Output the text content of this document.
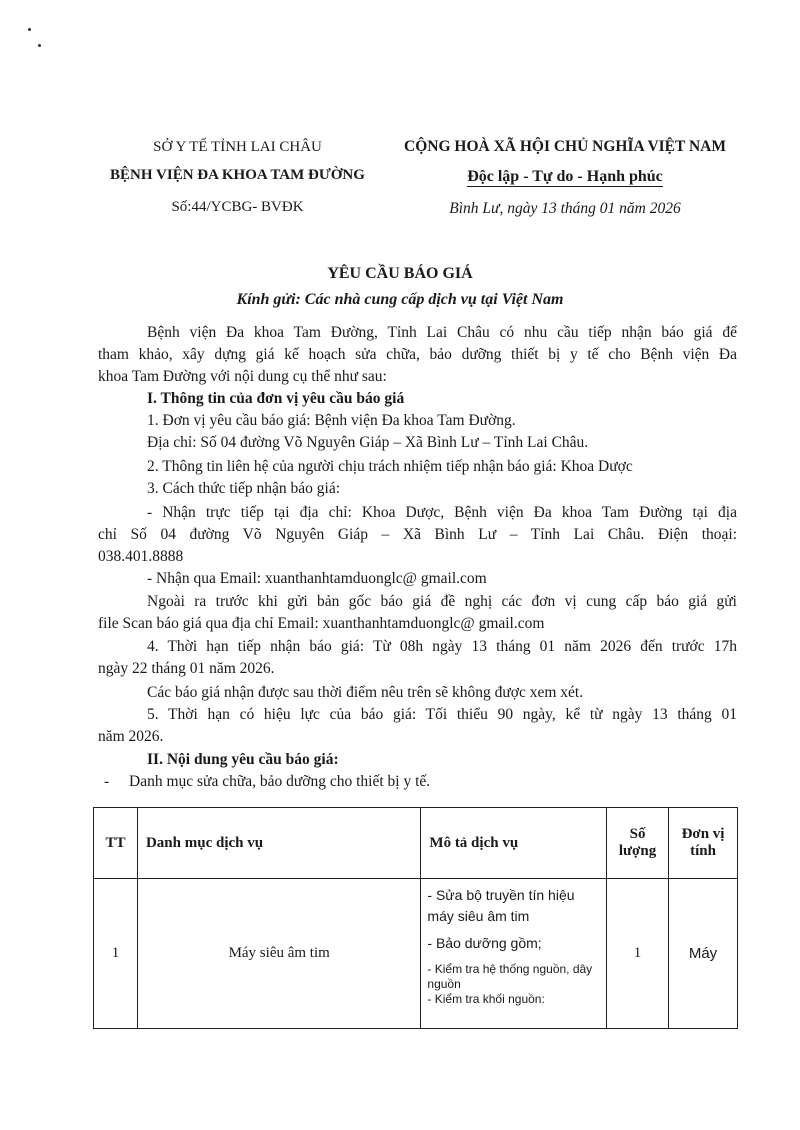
SỞ Y TẾ TỈNH LAI CHÂU
BỆNH VIỆN ĐA KHOA TAM ĐƯỜNG
Số:44/YCBG- BVĐK
CỘNG HOÀ XÃ HỘI CHỦ NGHĨA VIỆT NAM
Độc lập - Tự do - Hạnh phúc
Bình Lư, ngày 13 tháng 01 năm 2026
YÊU CẦU BÁO GIÁ
Kính gửi: Các nhà cung cấp dịch vụ tại Việt Nam
Bệnh viện Đa khoa Tam Đường, Tỉnh Lai Châu có nhu cầu tiếp nhận báo giá để
tham khảo, xây dựng giá kế hoạch sửa chữa, bảo dưỡng thiết bị y tế cho Bệnh viện Đa
khoa Tam Đường với nội dung cụ thể như sau:
I. Thông tin của đơn vị yêu cầu báo giá
1. Đơn vị yêu cầu báo giá: Bệnh viện Đa khoa Tam Đường.
Địa chỉ: Số 04 đường Võ Nguyên Giáp – Xã Bình Lư – Tỉnh Lai Châu.
2. Thông tin liên hệ của người chịu trách nhiệm tiếp nhận báo giá: Khoa Dược
3. Cách thức tiếp nhận báo giá:
- Nhận trực tiếp tại địa chỉ: Khoa Dược, Bệnh viện Đa khoa Tam Đường tại địa
chỉ Số 04 đường Võ Nguyên Giáp – Xã Bình Lư – Tỉnh Lai Châu. Điện thoại:
038.401.8888
- Nhận qua Email: xuanthanhtamduonglc@ gmail.com
Ngoài ra trước khi gửi bản gốc báo giá đề nghị các đơn vị cung cấp báo giá gửi
file Scan báo giá qua địa chỉ Email: xuanthanhtamduonglc@ gmail.com
4. Thời hạn tiếp nhận báo giá: Từ 08h ngày 13 tháng 01 năm 2026 đến trước 17h
ngày 22 tháng 01 năm 2026.
Các báo giá nhận được sau thời điểm nêu trên sẽ không được xem xét.
5. Thời hạn có hiệu lực của báo giá: Tối thiểu 90 ngày, kể từ ngày 13 tháng 01
năm 2026.
II. Nội dung yêu cầu báo giá:
- Danh mục sửa chữa, bảo dưỡng cho thiết bị y tế.
TT	Danh mục dịch vụ	Mô tả dịch vụ	Số lượng	Đơn vị tính
1	Máy siêu âm tim	- Sửa bộ truyền tín hiệu máy siêu âm tim
- Bảo dưỡng gồm;
- Kiểm tra hệ thống nguồn, dây nguồn
- Kiểm tra khối nguồn:	1	Máy
